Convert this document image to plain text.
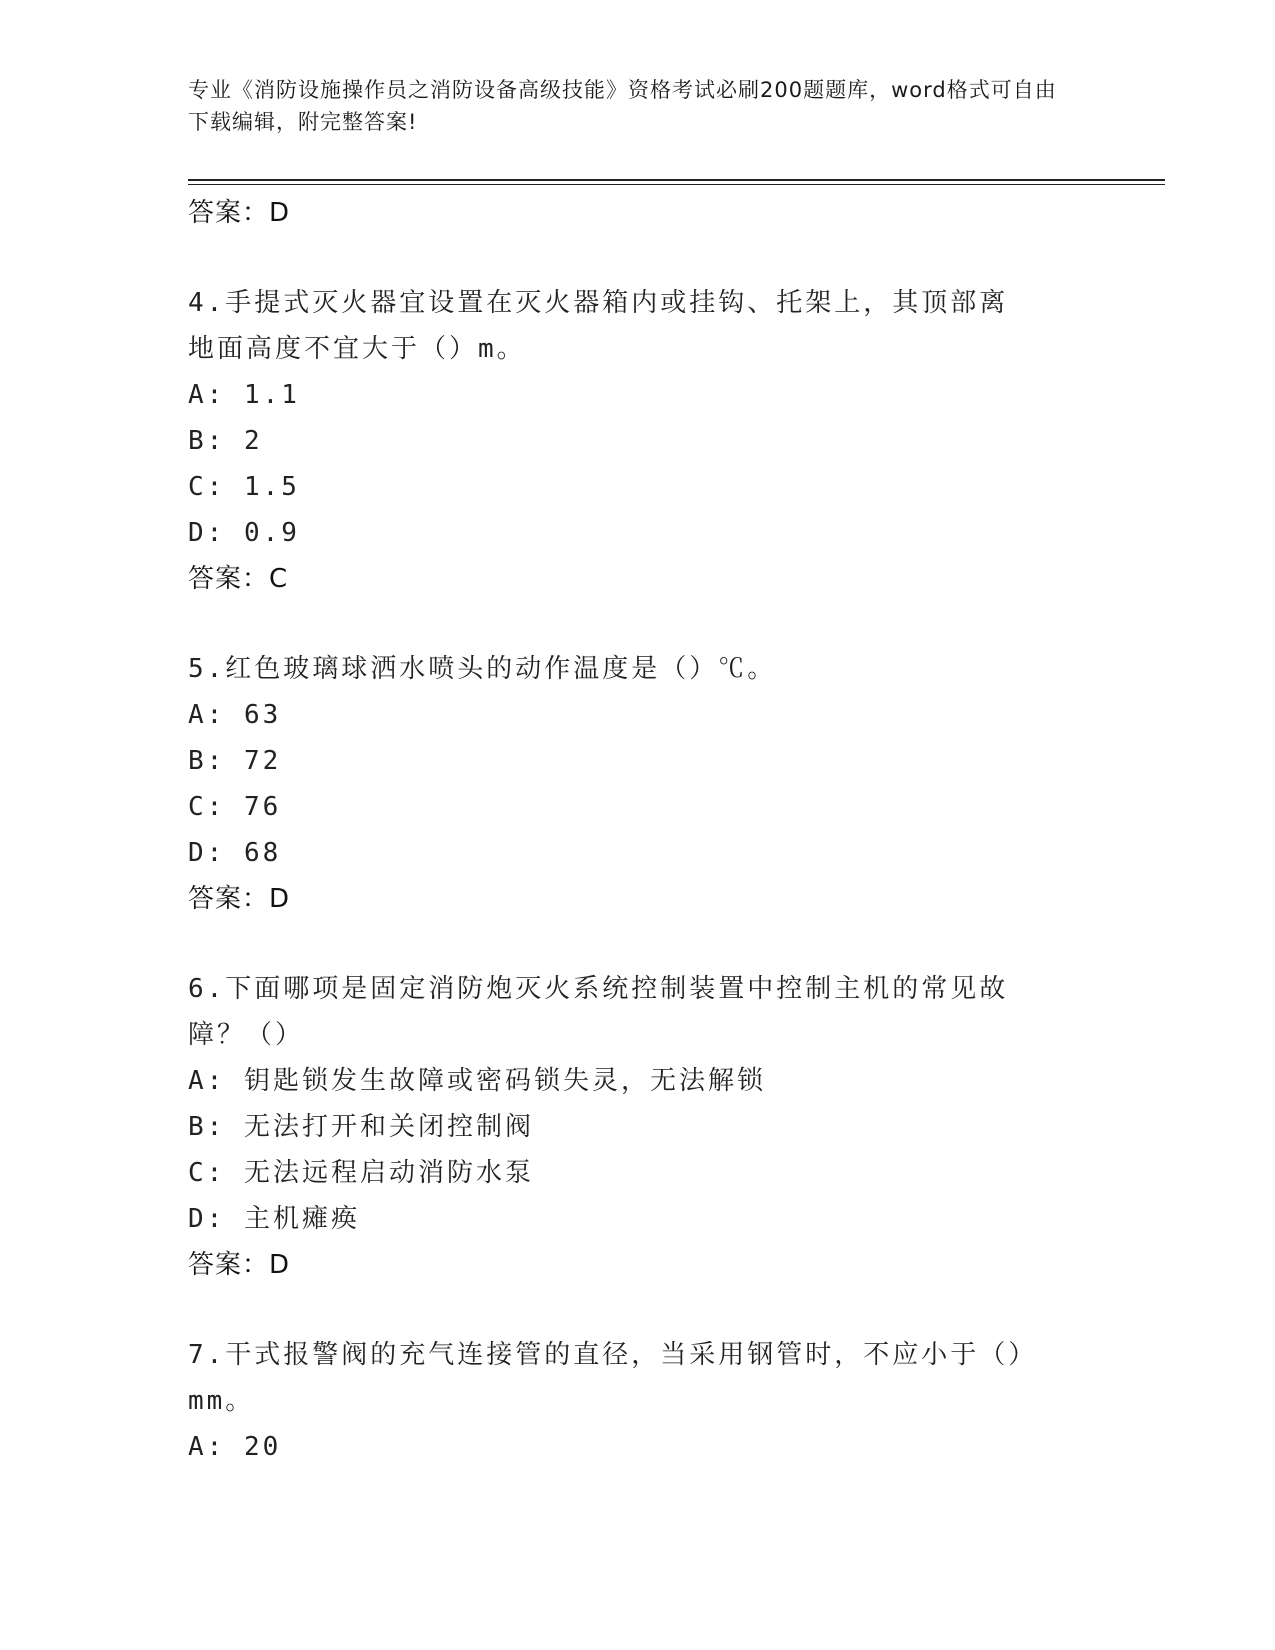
专业《消防设施操作员之消防设备高级技能》资格考试必刷200题题库，word格式可自由下载编辑，附完整答案!
答案：D
4.手提式灭火器宜设置在灭火器箱内或挂钩、托架上，其顶部离地面高度不宜大于（）m。
A : 1.1
B : 2
C : 1.5
D : 0.9
答案：C
5.红色玻璃球洒水喷头的动作温度是（）℃。
A : 63
B : 72
C : 76
D : 68
答案：D
6.下面哪项是固定消防炮灭火系统控制装置中控制主机的常见故障？（）
A : 钥匙锁发生故障或密码锁失灵，无法解锁
B : 无法打开和关闭控制阀
C : 无法远程启动消防水泵
D : 主机瘫痪
答案：D
7.干式报警阀的充气连接管的直径，当采用钢管时，不应小于（）mm。
A : 20
